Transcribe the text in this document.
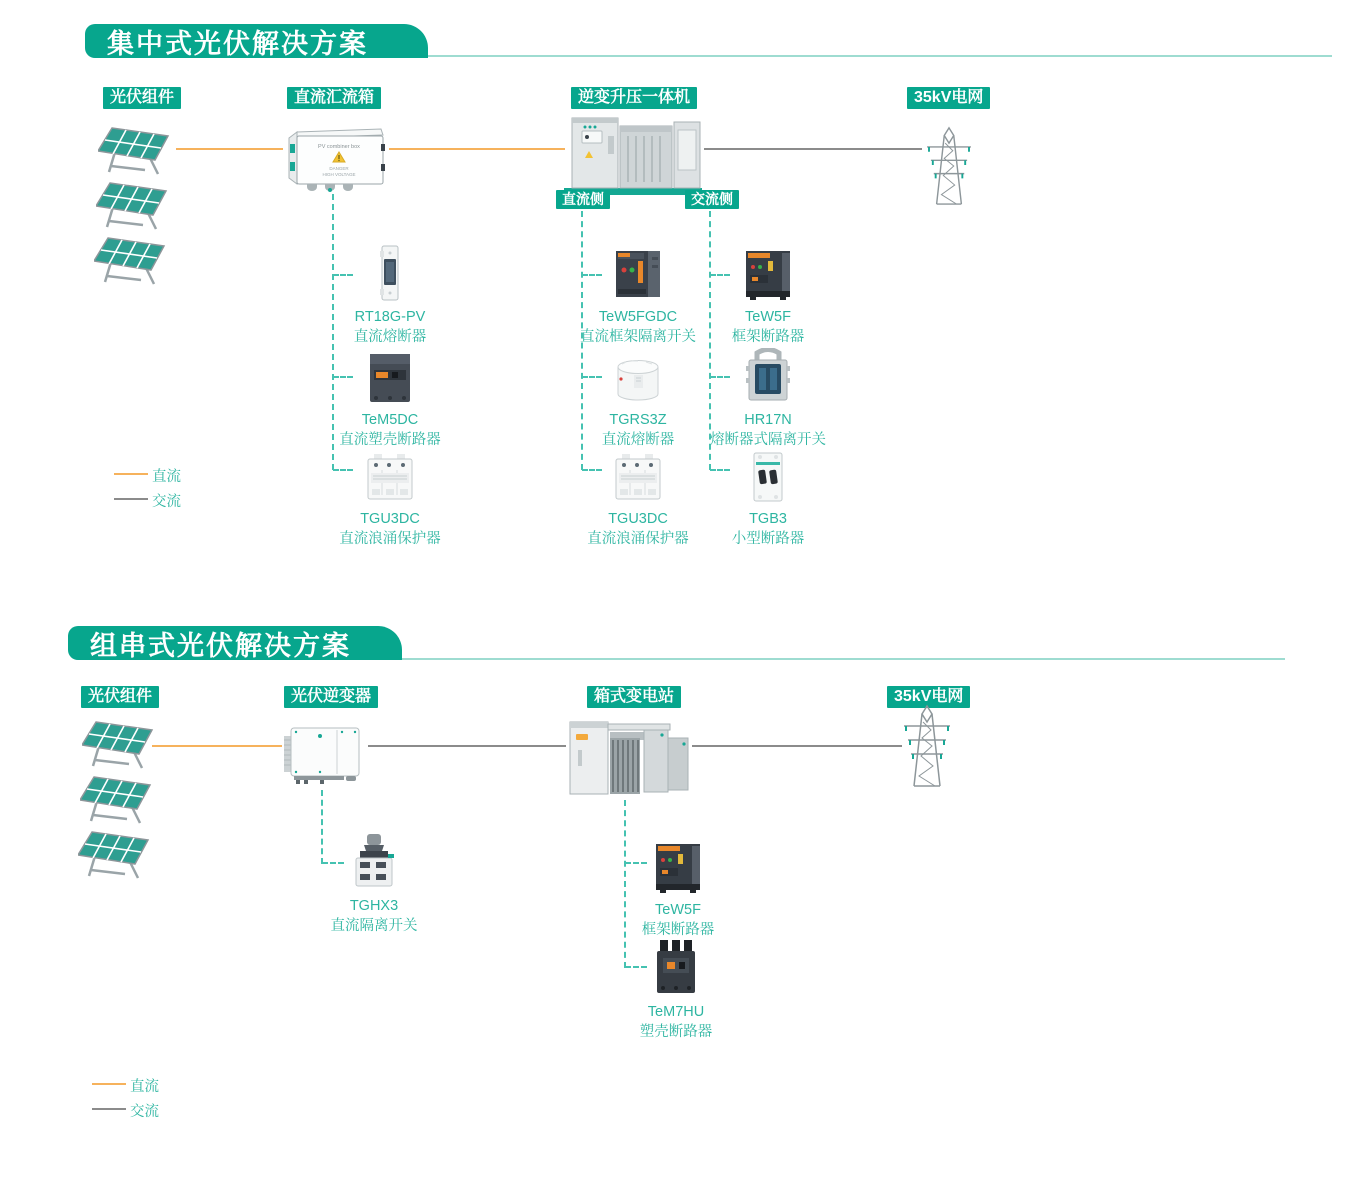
集中式光伏解决方案
光伏组件	直流汇流箱	逆变升压一体机	35kV电网
PV combiner box
DANGER
HIGH VOLTAGE
直流侧	交流侧
RT18G-PV
直流熔断器
TeM5DC
直流塑壳断路器
TGU3DC
直流浪涌保护器
TeW5FGDC
直流框架隔离开关
TGRS3Z
直流熔断器
TGU3DC
直流浪涌保护器
TeW5F
框架断路器
HR17N
熔断器式隔离开关
TGB3
小型断路器
直流
交流
组串式光伏解决方案
光伏组件	光伏逆变器	箱式变电站	35kV电网
TGHX3
直流隔离开关
TeW5F
框架断路器
TeM7HU
塑壳断路器
直流
交流
